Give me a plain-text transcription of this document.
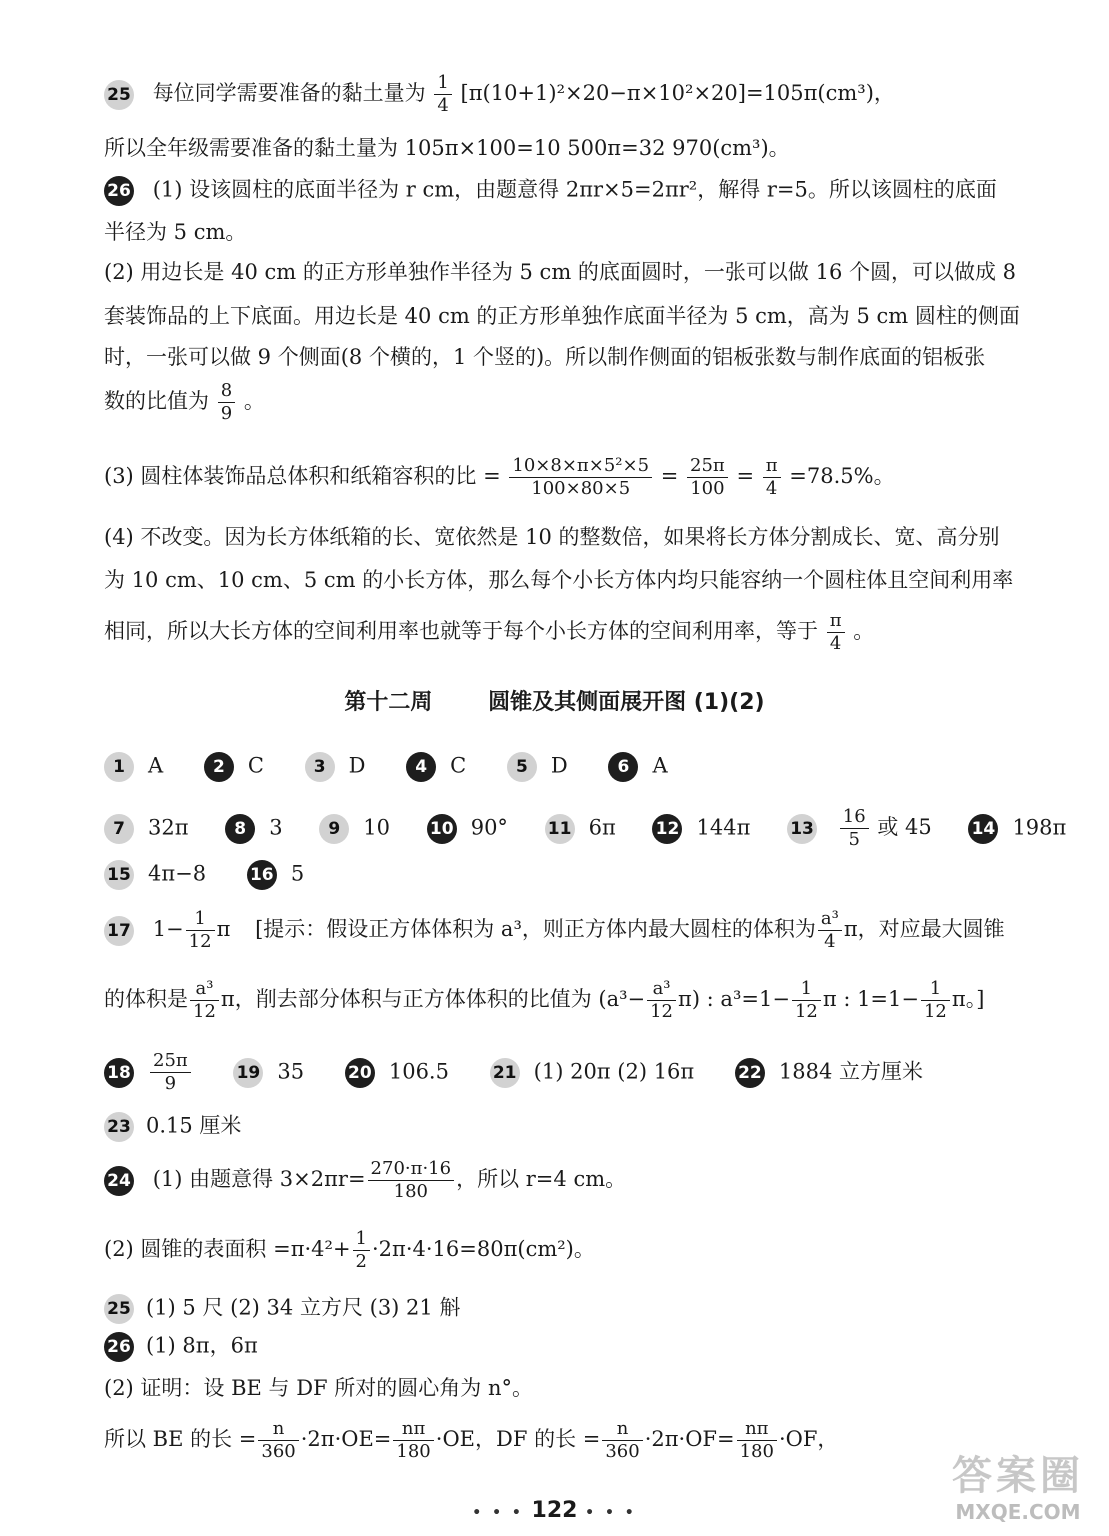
25 每位同学需要准备的黏土量为 $\frac{1}{4} [\pi(10+1)^2\times 20-\pi\times 10^2\times 20]=105\pi(cm^3)$，
所以全年级需要准备的黏土量为 105π×100=10 500π=32 970(cm³)。
26 (1) 设该圆柱的底面半径为 r cm，由题意得 2πr×5=2πr²，解得 r=5。所以该圆柱的底面
半径为 5 cm。
(2) 用边长是 40 cm 的正方形单独作半径为 5 cm 的底面圆时，一张可以做 16 个圆，可以做成 8
套装饰品的上下底面。用边长是 40 cm 的正方形单独作底面半径为 5 cm，高为 5 cm 圆柱的侧面
时，一张可以做 9 个侧面(8 个横的，1 个竖的)。所以制作侧面的铝板张数与制作底面的铝板张
数的比值为 $\frac{8}{9}$ 。
(3) 圆柱体装饰品总体积和纸箱容积的比 = $\frac{\text{10×8×π×5²×5}}{100\times 80\times 5} = \frac{25\pi}{100} = \frac{\pi}{4} =78.5\%$。
(4) 不改变。因为长方体纸箱的长、宽依然是 10 的整数倍，如果将长方体分割成长、宽、高分别
为 10 cm、10 cm、5 cm 的小长方体，那么每个小长方体内均只能容纳一个圆柱体且空间利用率
相同，所以大长方体的空间利用率也就等于每个小长方体的空间利用率，等于 $\frac{\pi}{4}$ 。
第十二周	圆锥及其侧面展开图 (1)(2)
1 A	2 C	3 D	4 C	5 D	6 A
7 32π	8 3	9 10 10 90° 11 6π 12 144π $13 \frac{16}{5}$ 或 45 14 198π
15 4π−8	16 5
17 $1- \frac{1}{12}$ π [提示：假设正方体体积为 a³，则正方体内最大圆柱的体积为 $\frac{\text{a³}}{4}$ π，对应最大圆锥
的体积是 $\frac{\text{a³}}{12}$ π，削去部分体积与正方体体积的比值为 $(a^3- \frac{\text{a³}}{12} \pi)$ : $a^3=1- \frac{1}{12}$ π : $1=1- \frac{1}{12}$ π。]
$18 \frac{25\pi}{9}$	19 35	20 106.5	21 (1) 20π (2) 16π	22 1884 立方厘米
23 0.15 厘米
24 (1) 由题意得 $3\times 2\pi r= \frac{270\cdot\pi\cdot 16}{180}$ ，所以 r=4 cm。
(2) 圆锥的表面积 $=\pi\cdot 4^2+ \frac{1}{2} \cdot 2\pi\cdot 4\cdot 16=80\pi(cm^2)$。
25 (1) 5 尺 (2) 34 立方尺 (3) 21 斛
26 (1) 8π，6π
(2) 证明：设 BE 与 DF 所对的圆心角为 n°。
所以 BE 的长 = $\frac{n}{360} \cdot 2\pi\cdot OE= \frac{n\pi}{180} \cdot OE$，DF 的长 = $\frac{n}{360} \cdot 2\pi\cdot OF= \frac{n\pi}{180} \cdot OF$，
• • • 122 • • •
答案圈
MXQE.COM
